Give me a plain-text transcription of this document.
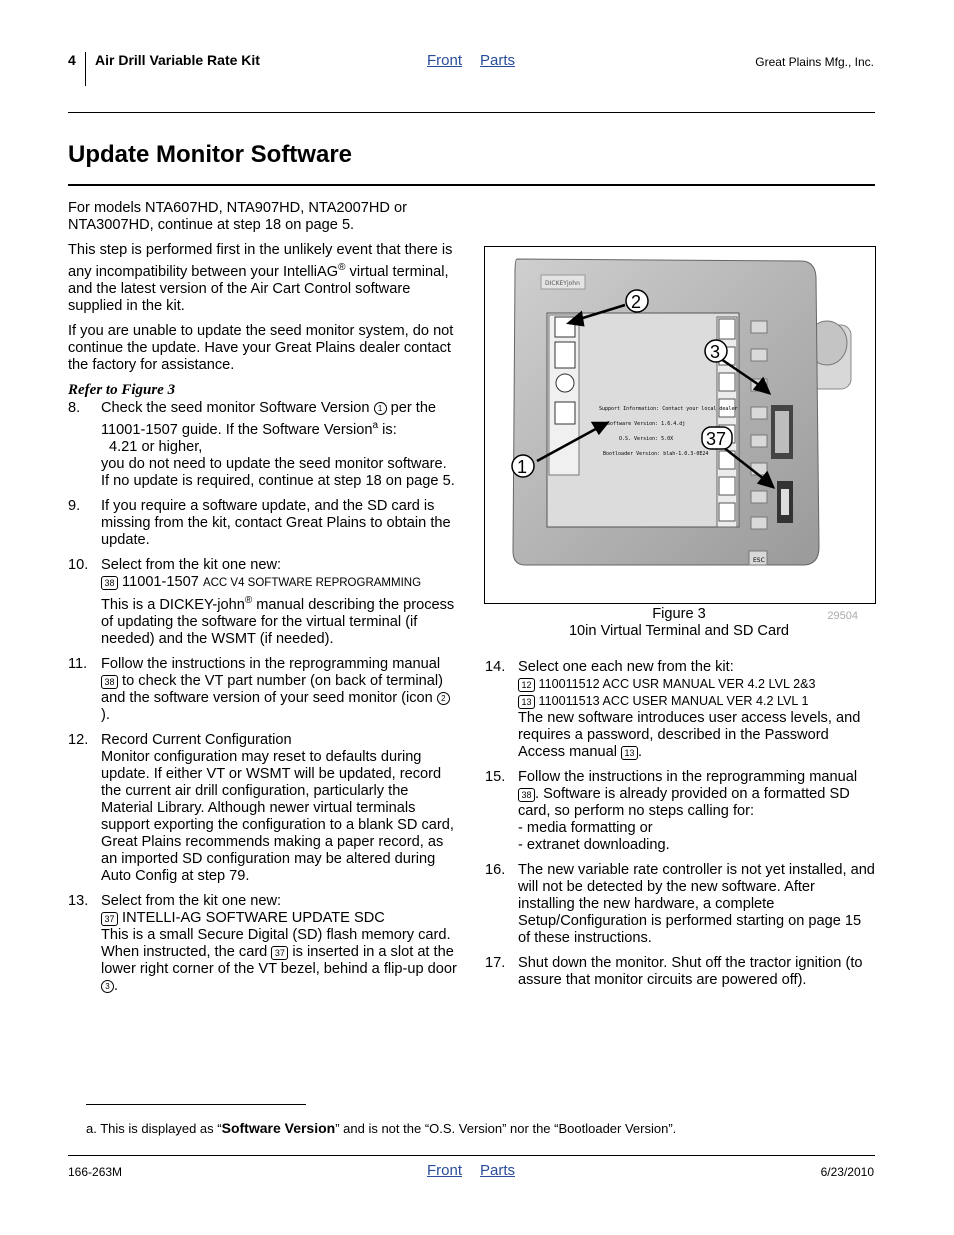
4 Air Drill Variable Rate Kit	Front Parts	Great Plains Mfg., Inc.
Update Monitor Software

For models NTA607HD, NTA907HD, NTA2007HD or NTA3007HD, continue at step 18 on page 5.

This step is performed first in the unlikely event that there is any incompatibility between your IntelliAG® virtual terminal, and the latest version of the Air Cart Control software supplied in the kit.

If you are unable to update the seed monitor system, do not continue the update. Have your Great Plains dealer contact the factory for assistance.

Refer to Figure 3
8. Check the seed monitor Software Version 1 per the 11001-1507 guide. If the Software Version$^a$ is:
4.21 or higher,
you do not need to update the seed monitor software. If no update is required, continue at step 18 on page 5.
9. If you require a software update, and the SD card is missing from the kit, contact Great Plains to obtain the update.
10. Select from the kit one new:
38 11001-1507 ACC V4 SOFTWARE REPROGRAMMING
This is a DICKEY-john® manual describing the process of updating the software for the virtual terminal (if needed) and the WSMT (if needed).
11. Follow the instructions in the reprogramming manual 38 to check the VT part number (on back of terminal) and the software version of your seed monitor (icon 2).
12. Record Current Configuration
Monitor configuration may reset to defaults during update. If either VT or WSMT will be updated, record the current air drill configuration, particularly the Material Library. Although newer virtual terminals support exporting the configuration to a blank SD card, Great Plains recommends making a paper record, as an imported SD configuration may be altered during Auto Config at step 79.
13. Select from the kit one new:
37 INTELLI-AG SOFTWARE UPDATE SDC
This is a small Secure Digital (SD) flash memory card. When instructed, the card 37 is inserted in a slot at the lower right corner of the VT bezel, behind a flip-up door 3 .
DICKEYjohn
Support Information: Contact your local dealer
Software Version: 1.6.4.dj
O.S. Version: 5.0X
Bootloader Version: blah-1.0.3-0E24
ESC
2
3
1
37
29504
Figure 3
10in Virtual Terminal and SD Card
14. Select one each new from the kit:
12 110011512 ACC USR MANUAL VER 4.2 LVL 2&3
13 110011513 ACC USER MANUAL VER 4.2 LVL 1
The new software introduces user access levels, and requires a password, described in the Password Access manual 13 .
15. Follow the instructions in the reprogramming manual 38 . Software is already provided on a formatted SD card, so perform no steps calling for:
- media formatting or
- extranet downloading.
16. The new variable rate controller is not yet installed, and will not be detected by the new software. After installing the new hardware, a complete Setup/Configuration is performed starting on page 15 of these instructions.
17. Shut down the monitor. Shut off the tractor ignition (to assure that monitor circuits are powered off).
a. This is displayed as “Software Version” and is not the “O.S. Version” nor the “Bootloader Version”.
166-263M	Front Parts	6/23/2010
